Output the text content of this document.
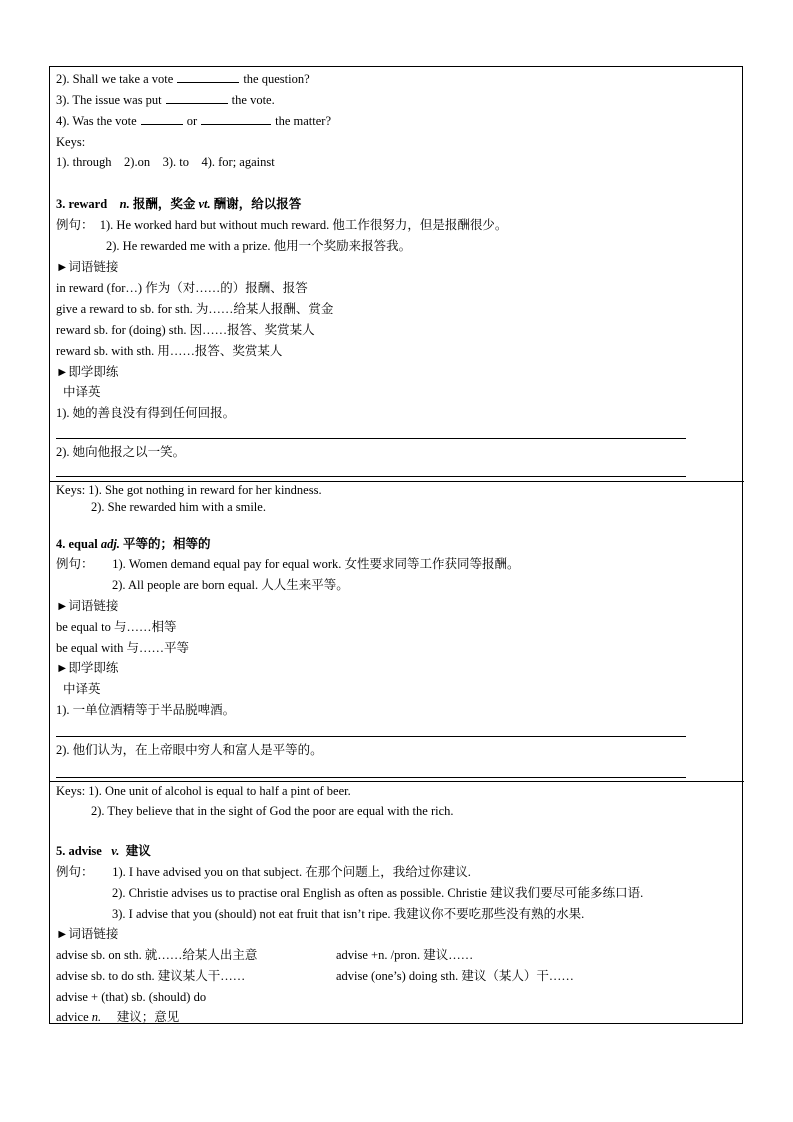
2). Shall we take a vote	the question?
3). The issue was put	the vote.
4). Was the vote	or	the matter?
Keys:
1). through    2).on    3). to    4). for; against
3. reward n. 报酬，奖金 vt. 酬谢，给以报答
例句： 1). He worked hard but without much reward. 他工作很努力，但是报酬很少。
2). He rewarded me with a prize. 他用一个奖励来报答我。
►词语链接
in reward (for…) 作为（对……的）报酬、报答
give a reward to sb. for sth. 为……给某人报酬、赏金
reward sb. for (doing) sth. 因……报答、奖赏某人
reward sb. with sth. 用……报答、奖赏某人
►即学即练
中译英
1). 她的善良没有得到任何回报。
2). 她向他报之以一笑。
Keys: 1). She got nothing in reward for her kindness.
2). She rewarded him with a smile.
4. equal adj. 平等的；相等的
例句： 1). Women demand equal pay for equal work. 女性要求同等工作获同等报酬。
2). All people are born equal. 人人生来平等。
►词语链接
be equal to 与……相等
be equal with 与……平等
►即学即练
中译英
1). 一单位酒精等于半品脱啤酒。
2). 他们认为，在上帝眼中穷人和富人是平等的。
Keys: 1). One unit of alcohol is equal to half a pint of beer.
2). They believe that in the sight of God the poor are equal with the rich.
5. advise v. 建议
例句： 1). I have advised you on that subject. 在那个问题上，我给过你建议.
2). Christie advises us to practise oral English as often as possible. Christie 建议我们要尽可能多练口语.
3). I advise that you (should) not eat fruit that isn’t ripe. 我建议你不要吃那些没有熟的水果.
►词语链接
advise sb. on sth. 就……给某人出主意	advise +n. /pron. 建议……
advise sb. to do sth. 建议某人干……	advise (one’s) doing sth. 建议（某人）干……
advise + (that) sb. (should) do
advice n. 建议；意见
